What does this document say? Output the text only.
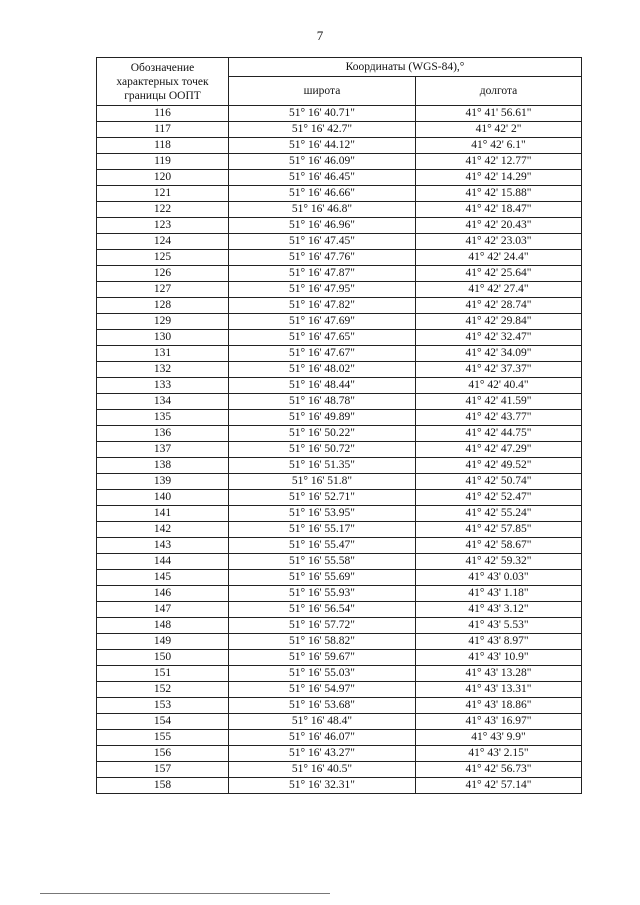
7
Обозначение
характерных точек
границы ООПТ	Координаты (WGS-84),°	
	широта	долгота
116	51° 16' 40.71"	41° 41' 56.61"
117	51° 16' 42.7"	41° 42' 2"
118	51° 16' 44.12"	41° 42' 6.1"
119	51° 16' 46.09"	41° 42' 12.77"
120	51° 16' 46.45"	41° 42' 14.29"
121	51° 16' 46.66"	41° 42' 15.88"
122	51° 16' 46.8"	41° 42' 18.47"
123	51° 16' 46.96"	41° 42' 20.43"
124	51° 16' 47.45"	41° 42' 23.03"
125	51° 16' 47.76"	41° 42' 24.4"
126	51° 16' 47.87"	41° 42' 25.64"
127	51° 16' 47.95"	41° 42' 27.4"
128	51° 16' 47.82"	41° 42' 28.74"
129	51° 16' 47.69"	41° 42' 29.84"
130	51° 16' 47.65"	41° 42' 32.47"
131	51° 16' 47.67"	41° 42' 34.09"
132	51° 16' 48.02"	41° 42' 37.37"
133	51° 16' 48.44"	41° 42' 40.4"
134	51° 16' 48.78"	41° 42' 41.59"
135	51° 16' 49.89"	41° 42' 43.77"
136	51° 16' 50.22"	41° 42' 44.75"
137	51° 16' 50.72"	41° 42' 47.29"
138	51° 16' 51.35"	41° 42' 49.52"
139	51° 16' 51.8"	41° 42' 50.74"
140	51° 16' 52.71"	41° 42' 52.47"
141	51° 16' 53.95"	41° 42' 55.24"
142	51° 16' 55.17"	41° 42' 57.85"
143	51° 16' 55.47"	41° 42' 58.67"
144	51° 16' 55.58"	41° 42' 59.32"
145	51° 16' 55.69"	41° 43' 0.03"
146	51° 16' 55.93"	41° 43' 1.18"
147	51° 16' 56.54"	41° 43' 3.12"
148	51° 16' 57.72"	41° 43' 5.53"
149	51° 16' 58.82"	41° 43' 8.97"
150	51° 16' 59.67"	41° 43' 10.9"
151	51° 16' 55.03"	41° 43' 13.28"
152	51° 16' 54.97"	41° 43' 13.31"
153	51° 16' 53.68"	41° 43' 18.86"
154	51° 16' 48.4"	41° 43' 16.97"
155	51° 16' 46.07"	41° 43' 9.9"
156	51° 16' 43.27"	41° 43' 2.15"
157	51° 16' 40.5"	41° 42' 56.73"
158	51° 16' 32.31"	41° 42' 57.14"
